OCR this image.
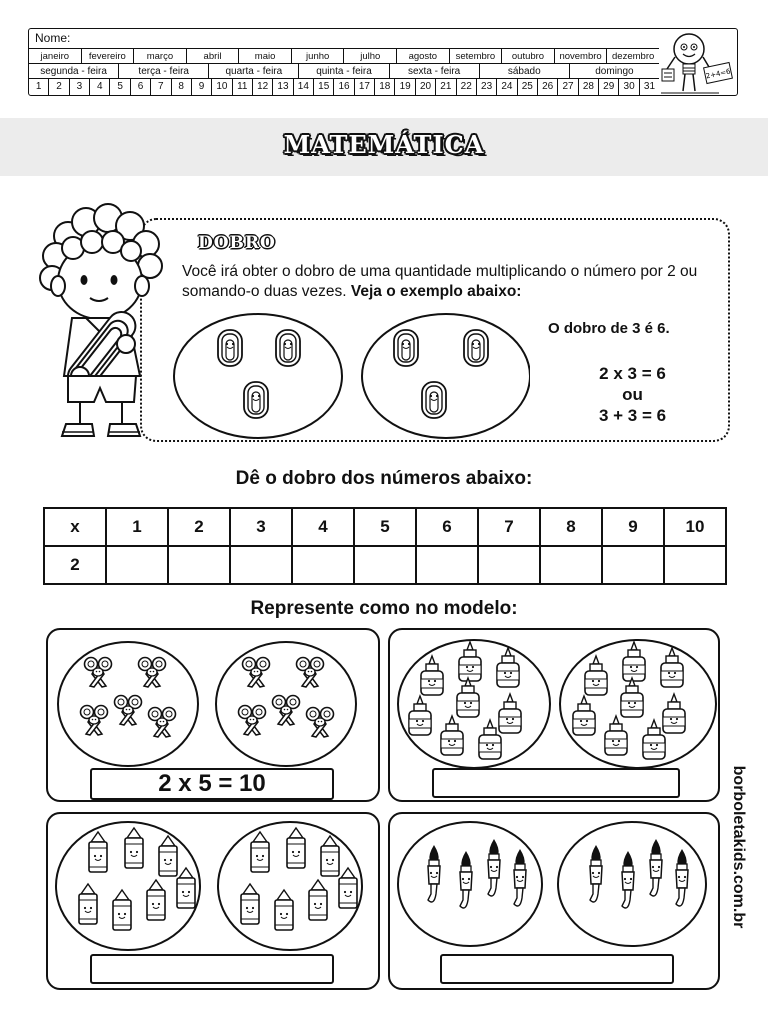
Nome:
janeiro	fevereiro	março	abril	maio	junho	julho	agosto	setembro	outubro	novembro	dezembro
segunda - feira	terça - feira	quarta - feira	quinta - feira	sexta - feira	sábado	domingo
1	2	3	4	5	6	7	8	9	10 11 12 13 14 15 16 17 18 19 20 21 22 23 24 25 26 27 28 29 30 31
2+4=6
MATEMÁTICA
DOBRO
Você irá obter o dobro de uma quantidade multiplicando o número por 2 ou somando-o duas vezes. Veja o exemplo abaixo:
O dobro de 3 é 6.
2 x 3 = 6
ou
3 + 3 = 6
Dê o dobro dos números abaixo:
x	1	2	3	4	5	6	7	8	9	10
2										
Represente como no modelo:
2 x 5 = 10	borboletakids.com.br
